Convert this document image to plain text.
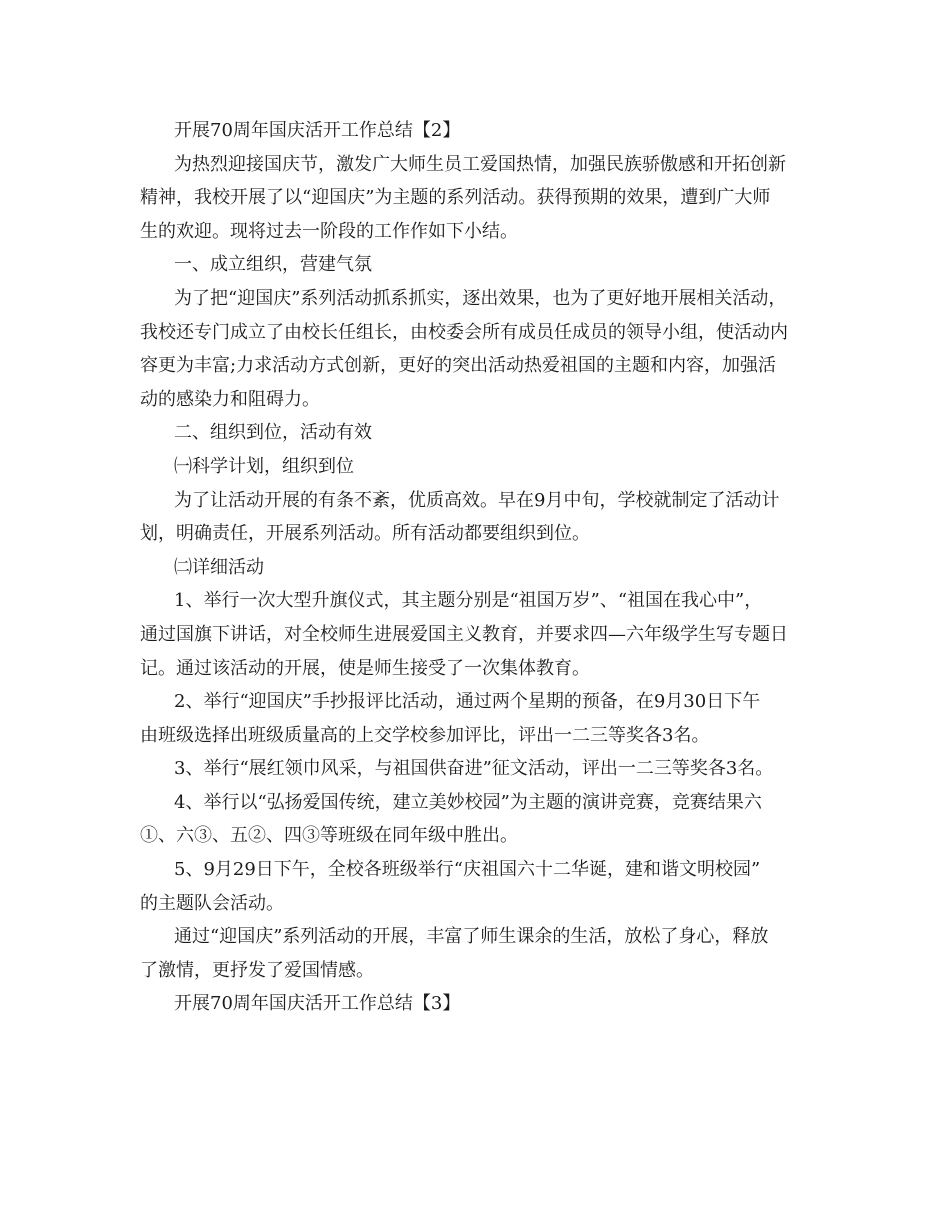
开展70周年国庆活开工作总结【2】
为热烈迎接国庆节，激发广大师生员工爱国热情，加强民族骄傲感和开拓创新
精神，我校开展了以“迎国庆”为主题的系列活动。获得预期的效果，遭到广大师
生的欢迎。现将过去一阶段的工作作如下小结。
一、成立组织，营建气氛
为了把“迎国庆”系列活动抓系抓实，逐出效果，也为了更好地开展相关活动，
我校还专门成立了由校长任组长，由校委会所有成员任成员的领导小组，使活动内
容更为丰富;力求活动方式创新，更好的突出活动热爱祖国的主题和内容，加强活
动的感染力和阻碍力。
二、组织到位，活动有效
㈠科学计划，组织到位
为了让活动开展的有条不紊，优质高效。早在9月中旬，学校就制定了活动计
划，明确责任，开展系列活动。所有活动都要组织到位。
㈡详细活动
1、举行一次大型升旗仪式，其主题分别是“祖国万岁”、“祖国在我心中”，
通过国旗下讲话，对全校师生进展爱国主义教育，并要求四—六年级学生写专题日
记。通过该活动的开展，使是师生接受了一次集体教育。
2、举行“迎国庆”手抄报评比活动，通过两个星期的预备，在9月30日下午
由班级选择出班级质量高的上交学校参加评比，评出一二三等奖各3名。
3、举行“展红领巾风采，与祖国供奋进”征文活动，评出一二三等奖各3名。
4、举行以“弘扬爱国传统，建立美妙校园”为主题的演讲竞赛，竞赛结果六
①、六③、五②、四③等班级在同年级中胜出。
5、9月29日下午，全校各班级举行“庆祖国六十二华诞，建和谐文明校园”
的主题队会活动。
通过“迎国庆”系列活动的开展，丰富了师生课余的生活，放松了身心，释放
了激情，更抒发了爱国情感。
开展70周年国庆活开工作总结【3】
